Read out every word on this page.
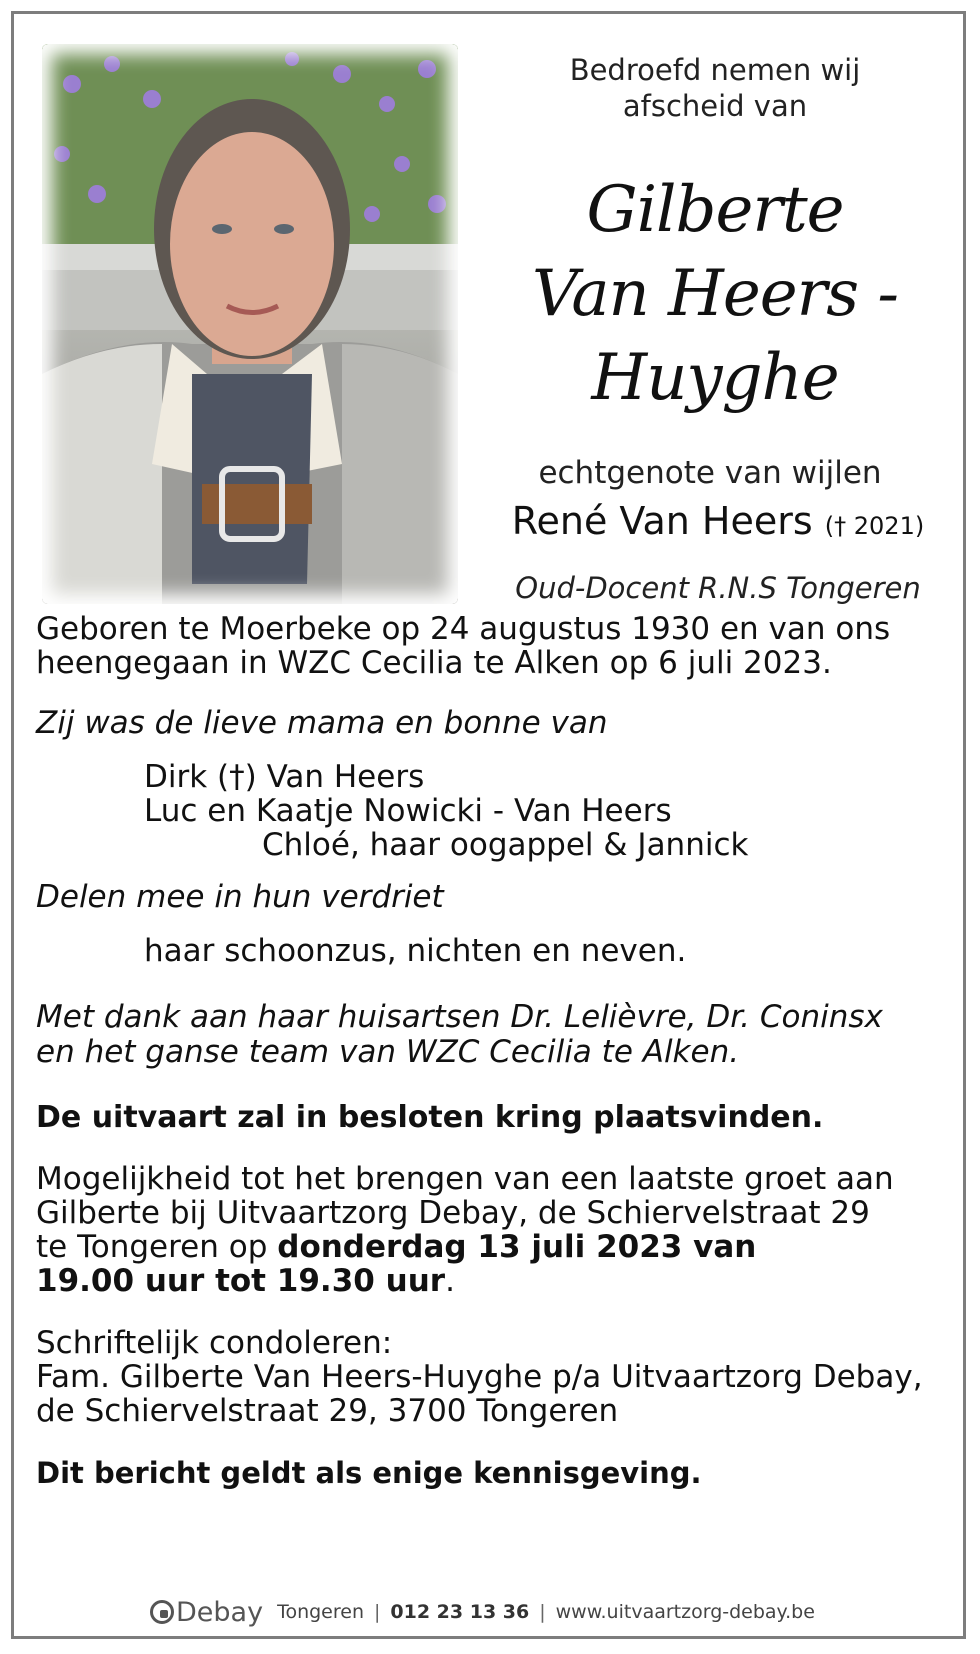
Bedroefd nemen wij
afscheid van
Gilberte
Van Heers -
Huyghe
echtgenote van wijlen
René Van Heers († 2021)
Oud-Docent R.N.S Tongeren
Geboren te Moerbeke op 24 augustus 1930 en van ons
heengegaan in WZC Cecilia te Alken op 6 juli 2023.
Zij was de lieve mama en bonne van
Dirk (†) Van Heers
Luc en Kaatje Nowicki - Van Heers
Chloé, haar oogappel & Jannick
Delen mee in hun verdriet
haar schoonzus, nichten en neven.
Met dank aan haar huisartsen Dr. Lelièvre, Dr. Coninsx
en het ganse team van WZC Cecilia te Alken.
De uitvaart zal in besloten kring plaatsvinden.
Mogelijkheid tot het brengen van een laatste groet aan
Gilberte bij Uitvaartzorg Debay, de Schiervelstraat 29
te Tongeren op donderdag 13 juli 2023 van
19.00 uur tot 19.30 uur.
Schriftelijk condoleren:
Fam. Gilberte Van Heers-Huyghe p/a Uitvaartzorg Debay,
de Schiervelstraat 29, 3700 Tongeren
Dit bericht geldt als enige kennisgeving.
Debay Tongeren | 012 23 13 36 | www.uitvaartzorg-debay.be
